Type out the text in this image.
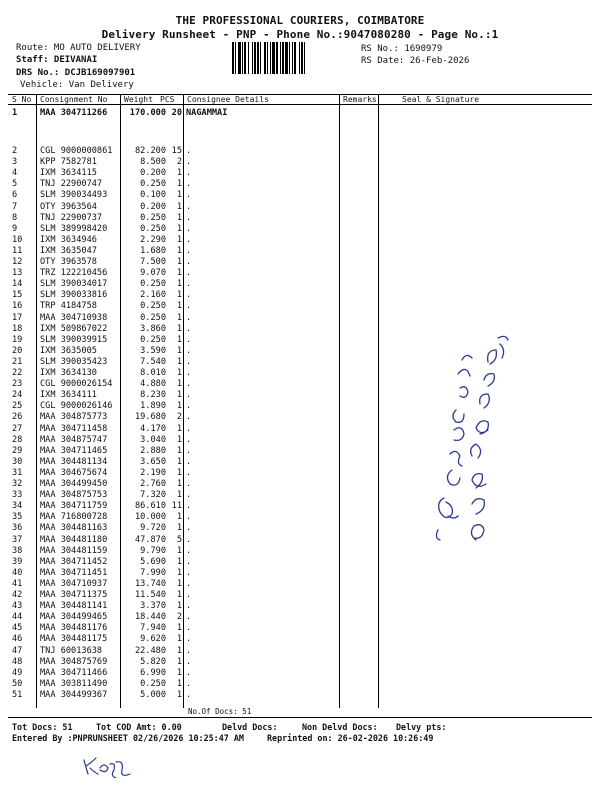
THE PROFESSIONAL COURIERS, COIMBATORE
Delivery Runsheet - PNP - Phone No.:9047080280 - Page No.:1
Route: MO AUTO DELIVERY
Staff: DEIVANAI
DRS No.: DCJB169097901
Vehicle: Van Delivery
RS No.: 1690979
RS Date: 26-Feb-2026
S No Consignment No Weight PCS Consignee Details	Remarks	Seal & Signature
1	MAA 304711266	170.000 20 NAGAMMAI
2	CGL 9000000861	82.200 15 .
3	KPP 7582781	8.500	2 .
4	IXM 3634115	0.200	1 .
5	TNJ 22900747	0.250	1 .
6	SLM 390034493	0.100	1 .
7	OTY 3963564	0.200	1 .
8	TNJ 22900737	0.250	1 .
9	SLM 389998420	0.250	1 .
10 IXM 3634946	2.290	1 .
11 IXM 3635047	1.680	1 .
12 OTY 3963578	7.500	1 .
13 TRZ 122210456	9.070	1 .
14 SLM 390034017	0.250	1 .
15 SLM 390033816	2.160	1 .
16 TRP 4184758	0.250	1 .
17 MAA 304710938	0.250	1 .
18 IXM 509867022	3.860	1 .
19 SLM 390039915	0.250	1 .
20 IXM 3635005	3.590	1 .
21 SLM 390035423	7.540	1 .
22 IXM 3634130	8.010	1 .
23 CGL 9000026154	4.880	1 .
24 IXM 3634111	8.230	1 .
25 CGL 9000026146	1.890	1 .
26 MAA 304875773	19.680	2 .
27 MAA 304711458	4.170	1 .
28 MAA 304875747	3.040	1 .
29 MAA 304711465	2.880	1 .
30 MAA 304481134	3.650	1 .
31 MAA 304675674	2.190	1 .
32 MAA 304499450	2.760	1 .
33 MAA 304875753	7.320	1 .
34 MAA 304711759	86.610 11 .
35 MAA 716800728	10.000	1 .
36 MAA 304481163	9.720	1 .
37 MAA 304481180	47.870	5 .
38 MAA 304481159	9.790	1 .
39 MAA 304711452	5.690	1 .
40 MAA 304711451	7.990	1 .
41 MAA 304710937	13.740	1 .
42 MAA 304711375	11.540	1 .
43 MAA 304481141	3.370	1 .
44 MAA 304499465	18.440	2 .
45 MAA 304481176	7.940	1 .
46 MAA 304481175	9.620	1 .
47 TNJ 60013638	22.480	1 .
48 MAA 304875769	5.820	1 .
49 MAA 304711466	6.990	1 .
50 MAA 303811490	0.250	1 .
51 MAA 304499367	5.000	1 .
No.Of Docs: 51
Tot Docs: 51	Tot COD Amt: 0.00	Delvd Docs:	Non Delvd Docs: Delvy pts:
Entered By :PNPRUNSHEET 02/26/2026 10:25:47 AM	Reprinted on: 26-02-2026 10:26:49
